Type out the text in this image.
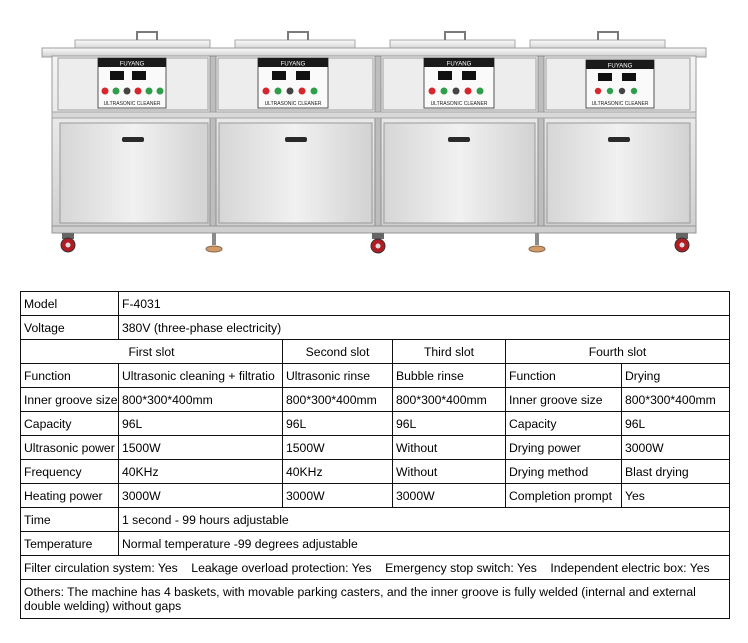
FUYANG
ULTRASONIC CLEANER
FUYANG
ULTRASONIC CLEANER
FUYANG
ULTRASONIC CLEANER
FUYANG
ULTRASONIC CLEANER
Model	F-4031				
Voltage	380V (three-phase electricity)				
First slot		Second slot	Third slot	Fourth slot	
Function	Ultrasonic cleaning + filtratio	Ultrasonic rinse	Bubble rinse	Function	Drying
Inner groove size	800*300*400mm	800*300*400mm	800*300*400mm	Inner groove size	800*300*400mm
Capacity	96L	96L	96L	Capacity	96L
Ultrasonic power	1500W	1500W	Without	Drying power	3000W
Frequency	40KHz	40KHz	Without	Drying method	Blast drying
Heating power	3000W	3000W	3000W	Completion prompt	Yes
Time	1 second - 99 hours adjustable				
Temperature	Normal temperature -99 degrees adjustable				
Filter circulation system: Yes    Leakage overload protection: Yes    Emergency stop switch: Yes    Independent electric box: Yes					
Others: The machine has 4 baskets, with movable parking casters, and the inner groove is fully welded (internal and external double welding) without gaps					
